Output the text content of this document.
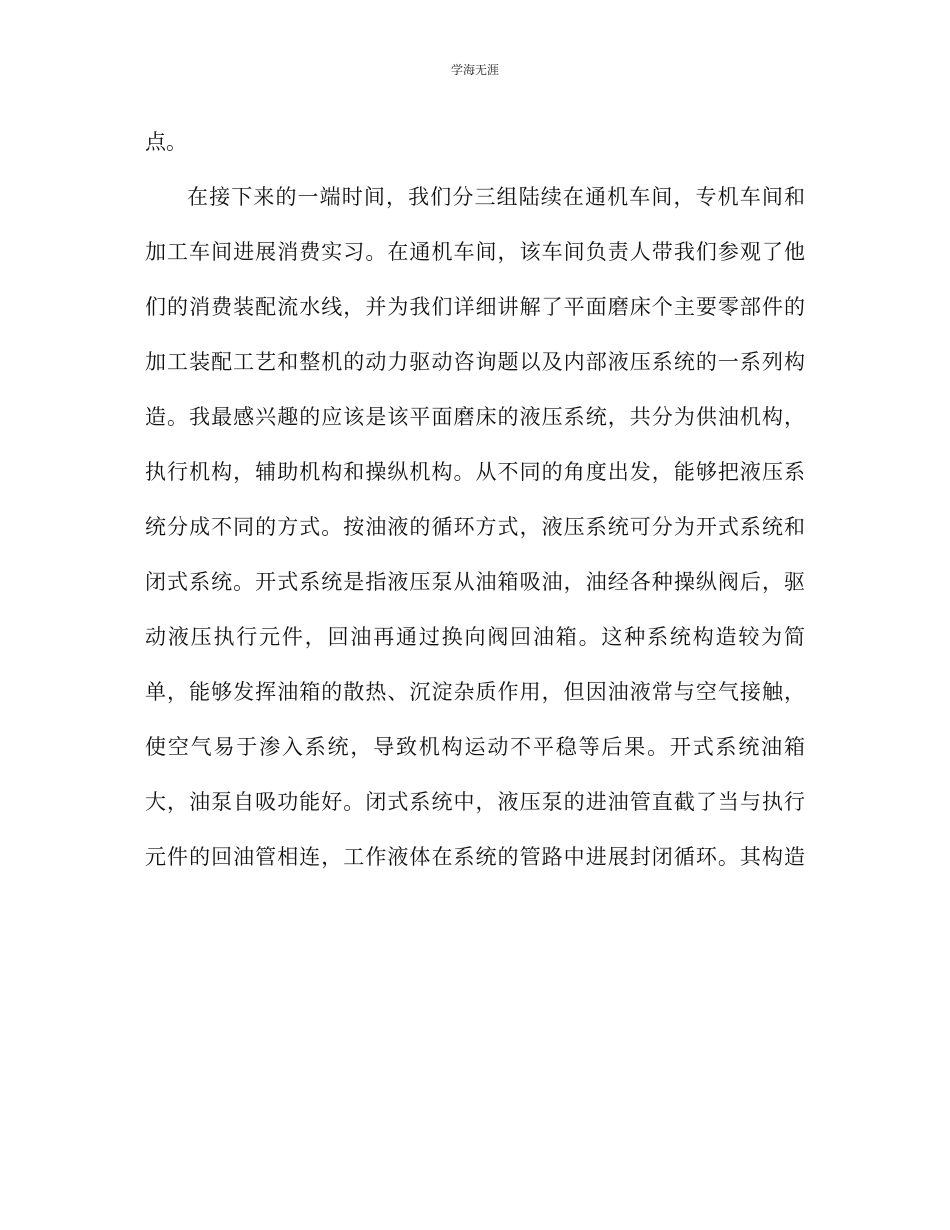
学海无涯
点。
在接下来的一端时间，我们分三组陆续在通机车间，专机车间和
加工车间进展消费实习。在通机车间，该车间负责人带我们参观了他
们的消费装配流水线，并为我们详细讲解了平面磨床个主要零部件的
加工装配工艺和整机的动力驱动咨询题以及内部液压系统的一系列构
造。我最感兴趣的应该是该平面磨床的液压系统，共分为供油机构，
执行机构，辅助机构和操纵机构。从不同的角度出发，能够把液压系
统分成不同的方式。按油液的循环方式，液压系统可分为开式系统和
闭式系统。开式系统是指液压泵从油箱吸油，油经各种操纵阀后，驱
动液压执行元件，回油再通过换向阀回油箱。这种系统构造较为简
单，能够发挥油箱的散热、沉淀杂质作用，但因油液常与空气接触，
使空气易于渗入系统，导致机构运动不平稳等后果。开式系统油箱
大，油泵自吸功能好。闭式系统中，液压泵的进油管直截了当与执行
元件的回油管相连，工作液体在系统的管路中进展封闭循环。其构造
